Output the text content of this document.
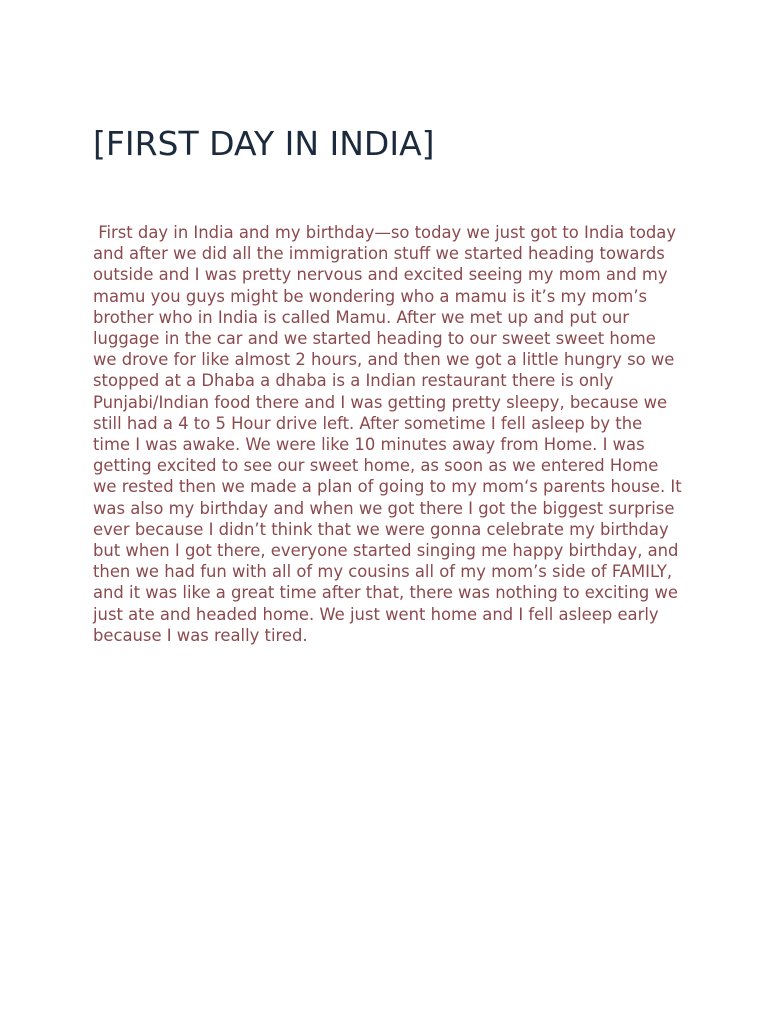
[FIRST DAY IN INDIA]

First day in India and my birthday—so today we just got to India today and after we did all the immigration stuff we started heading towards outside and I was pretty nervous and excited seeing my mom and my mamu you guys might be wondering who a mamu is it’s my mom’s brother who in India is called Mamu. After we met up and put our luggage in the car and we started heading to our sweet sweet home we drove for like almost 2 hours, and then we got a little hungry so we stopped at a Dhaba a dhaba is a Indian restaurant there is only Punjabi/Indian food there and I was getting pretty sleepy, because we still had a 4 to 5 Hour drive left. After sometime I fell asleep by the time I was awake. We were like 10 minutes away from Home. I was getting excited to see our sweet home, as soon as we entered Home we rested then we made a plan of going to my mom‘s parents house. It was also my birthday and when we got there I got the biggest surprise ever because I didn’t think that we were gonna celebrate my birthday but when I got there, everyone started singing me happy birthday, and then we had fun with all of my cousins all of my mom’s side of FAMILY, and it was like a great time after that, there was nothing to exciting we just ate and headed home. We just went home and I fell asleep early because I was really tired.
